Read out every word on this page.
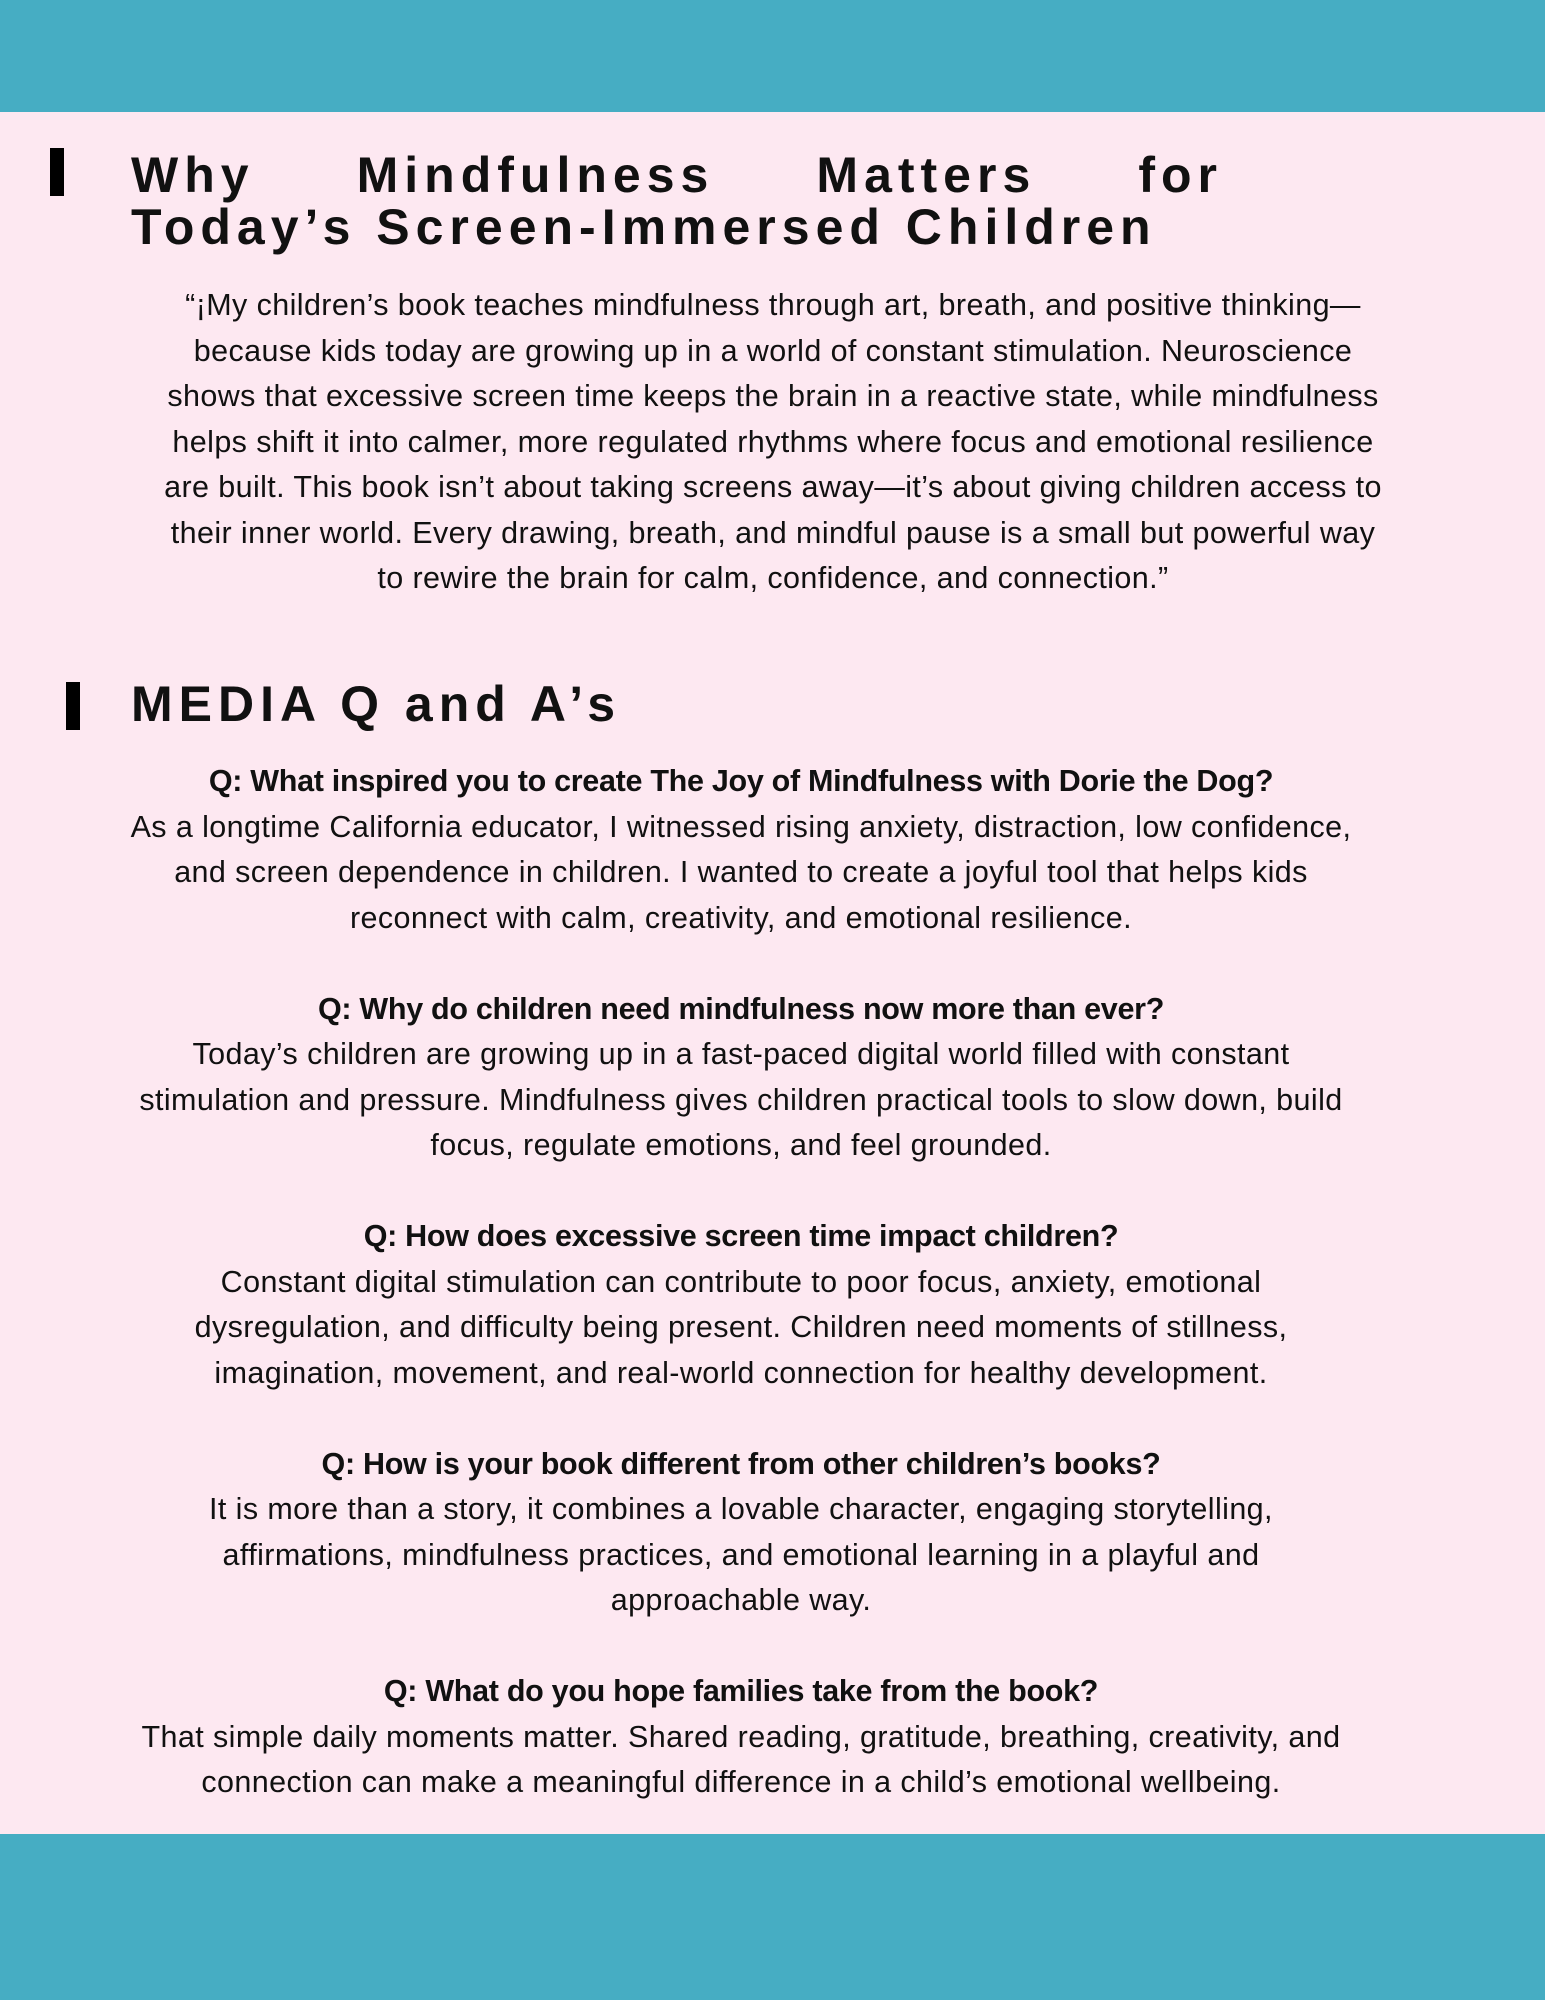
Why Mindfulness Matters for
Today’s Screen-Immersed Children
“¡My children’s book teaches mindfulness through art, breath, and positive thinking—
because kids today are growing up in a world of constant stimulation. Neuroscience
shows that excessive screen time keeps the brain in a reactive state, while mindfulness
helps shift it into calmer, more regulated rhythms where focus and emotional resilience
are built. This book isn’t about taking screens away—it’s about giving children access to
their inner world. Every drawing, breath, and mindful pause is a small but powerful way
to rewire the brain for calm, confidence, and connection.”
MEDIA Q and A’s
Q: What inspired you to create The Joy of Mindfulness with Dorie the Dog?
As a longtime California educator, I witnessed rising anxiety, distraction, low confidence,
and screen dependence in children. I wanted to create a joyful tool that helps kids
reconnect with calm, creativity, and emotional resilience.
Q: Why do children need mindfulness now more than ever?
Today’s children are growing up in a fast-paced digital world filled with constant
stimulation and pressure. Mindfulness gives children practical tools to slow down, build
focus, regulate emotions, and feel grounded.
Q: How does excessive screen time impact children?
Constant digital stimulation can contribute to poor focus, anxiety, emotional
dysregulation, and difficulty being present. Children need moments of stillness,
imagination, movement, and real-world connection for healthy development.
Q: How is your book different from other children’s books?
It is more than a story, it combines a lovable character, engaging storytelling,
affirmations, mindfulness practices, and emotional learning in a playful and
approachable way.
Q: What do you hope families take from the book?
That simple daily moments matter. Shared reading, gratitude, breathing, creativity, and
connection can make a meaningful difference in a child’s emotional wellbeing.
